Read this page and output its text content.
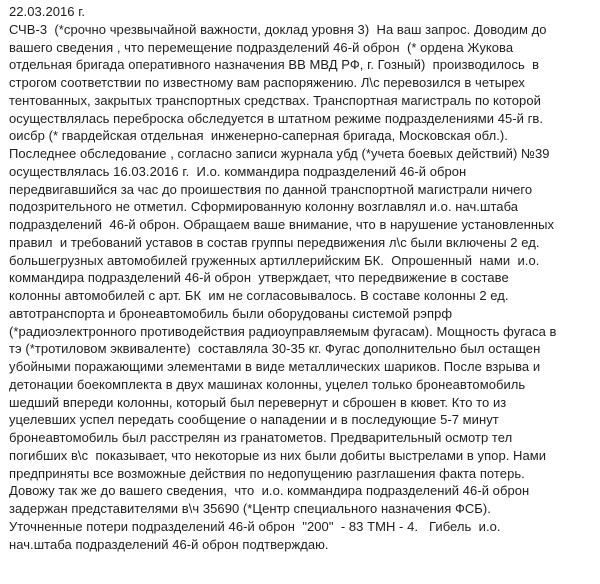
22.03.2016 г.
СЧВ-3  (*срочно чрезвычайной важности, доклад уровня 3)  На ваш запрос. Доводим до
вашего сведения , что перемещение подразделений 46-й оброн  (* ордена Жукова
отдельная бригада оперативного назначения ВВ МВД РФ, г. Гозный)  производилось  в
строгом соответствии по известному вам распоряжению. Л\с перевозился в четырех
тентованных, закрытых транспортных средствах. Транспортная магистраль по которой
осуществлялась переброска обследуется в штатном режиме подразделениями 45-й гв.
оисбр (* гвардейская отдельная  инженерно-саперная бригада, Московская обл.).
Последнее обследование , согласно записи журнала убд (*учета боевых действий) №39
осуществлялась 16.03.2016 г.  И.о. коммандира подразделений 46-й оброн
передвигавшийся за час до проишествия по данной транспортной магистрали ничего
подозрительного не отметил. Сформированную колонну возглавлял и.о. нач.штаба
подразделений  46-й оброн. Обращаем ваше внимание, что в нарушение установленных
правил  и требований уставов в состав группы передвижения л\с были включены 2 ед.
большегрузных автомобилей груженных артиллерийским БК.  Опрошенный  нами  и.о.
коммандира подразделений 46-й оброн  утверждает, что передвижение в составе
колонны автомобилей с арт. БК  им не согласовывалось. В составе колонны 2 ед.
автотранспорта и бронеавтомобиль были оборудованы системой рэпрф
(*радиоэлектронного противодействия радиоуправляемым фугасам). Мощность фугаса в
тэ (*тротиловом эквиваленте)  составляла 30-35 кг. Фугас дополнительно был остащен
убойными поражающими элементами в виде металлических шариков. После взрыва и
детонации боекомплекта в двух машинах колонны, уцелел только бронеавтомобиль
шедший впереди колонны, который был перевернут и сброшен в кювет. Кто то из
уцелевших успел передать сообщение о нападении и в последующие 5-7 минут
бронеавтомобиль был расстрелян из гранатометов. Предварительный осмотр тел
погибших в\с  показывает, что некоторые из них были добиты выстрелами в упор. Нами
предприняты все возможные действия по недопущению разглашения факта потерь.
Довожу так же до вашего сведения,  что  и.о. коммандира подразделений 46-й оброн
задержан представителями в\ч 35690 (*Центр специального назначения ФСБ).
Уточненные потери подразделений 46-й оброн  "200"  - 83 ТМН - 4.   Гибель  и.о.
нач.штаба подразделений 46-й оброн подтверждаю.
